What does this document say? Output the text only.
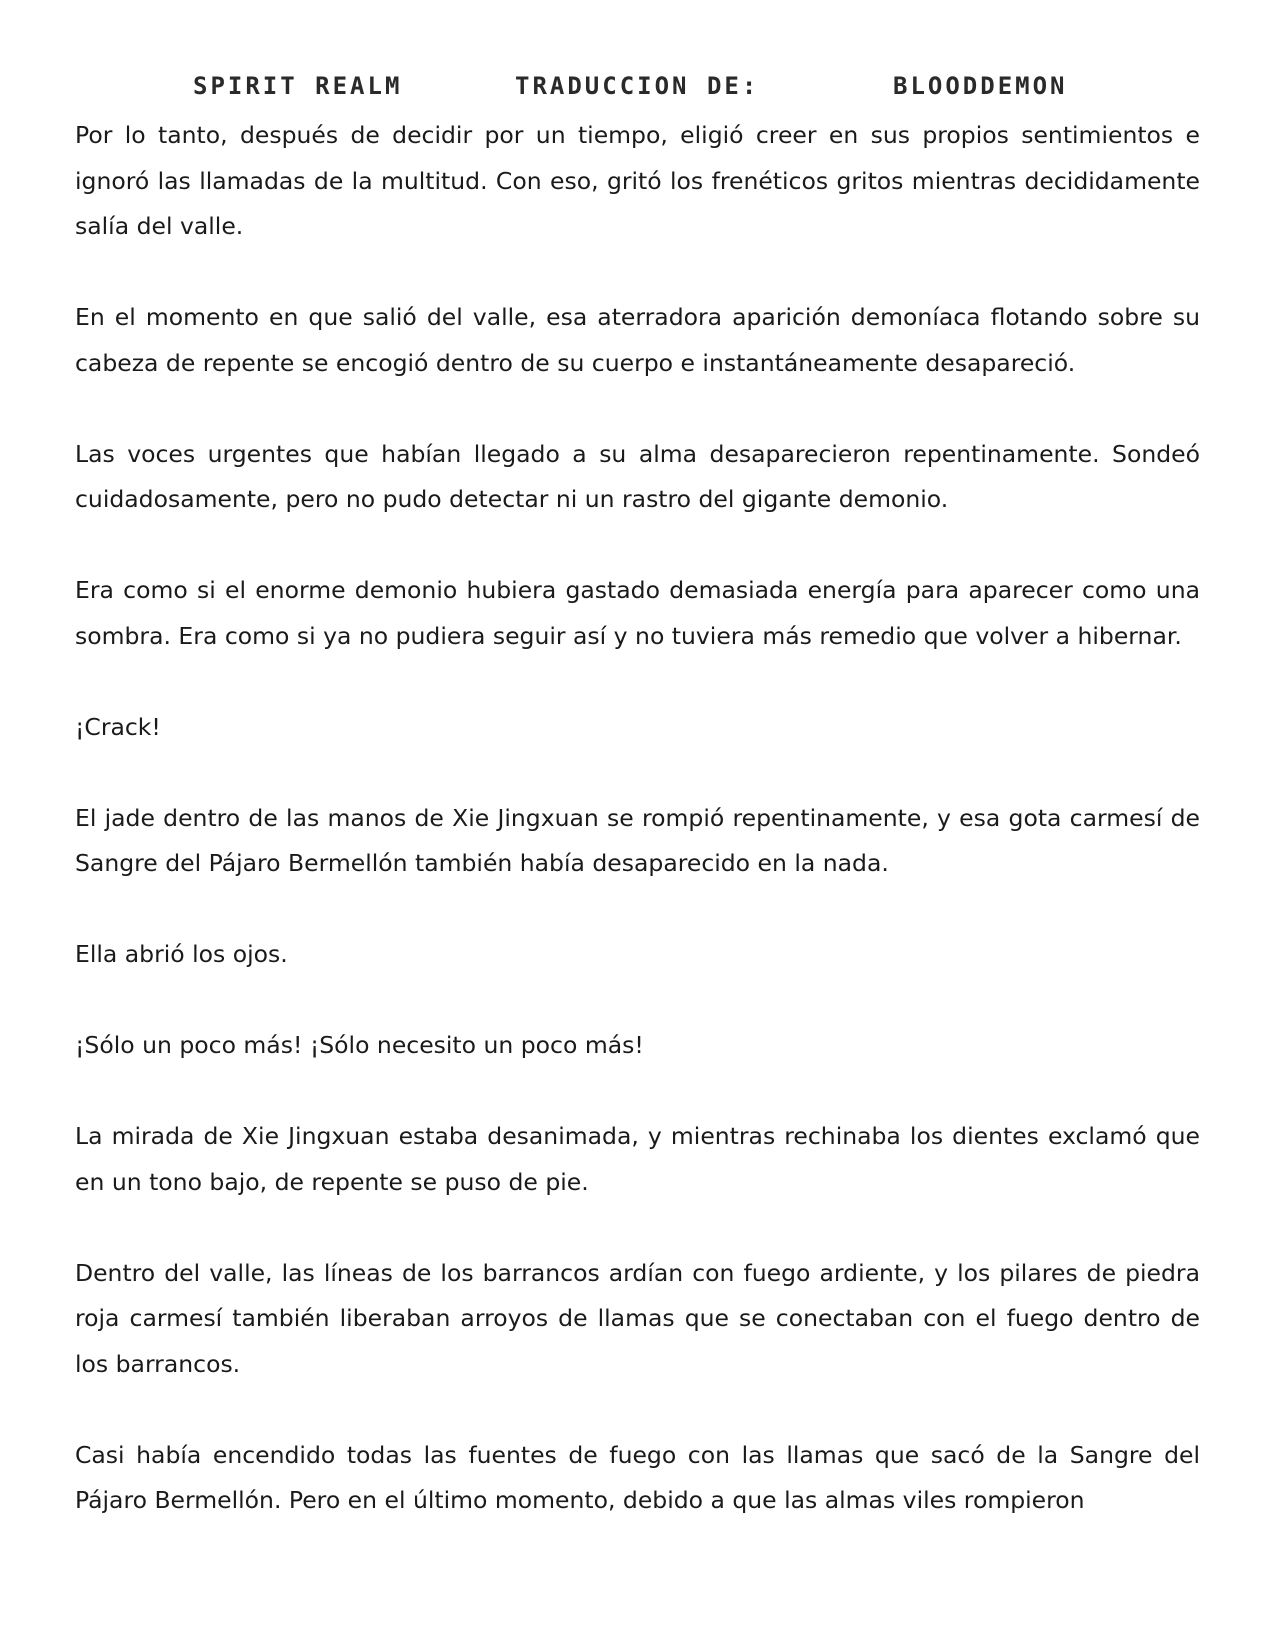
SPIRIT REALM	TRADUCCION DE:	BLOODDEMON

Por lo tanto, después de decidir por un tiempo, eligió creer en sus propios sentimientos e ignoró las llamadas de la multitud. Con eso, gritó los frenéticos gritos mientras decididamente salía del valle.

En el momento en que salió del valle, esa aterradora aparición demoníaca flotando sobre su cabeza de repente se encogió dentro de su cuerpo e instantáneamente desapareció.

Las voces urgentes que habían llegado a su alma desaparecieron repentinamente. Sondeó cuidadosamente, pero no pudo detectar ni un rastro del gigante demonio.

Era como si el enorme demonio hubiera gastado demasiada energía para aparecer como una sombra. Era como si ya no pudiera seguir así y no tuviera más remedio que volver a hibernar.

¡Crack!

El jade dentro de las manos de Xie Jingxuan se rompió repentinamente, y esa gota carmesí de Sangre del Pájaro Bermellón también había desaparecido en la nada.

Ella abrió los ojos.

¡Sólo un poco más! ¡Sólo necesito un poco más!

La mirada de Xie Jingxuan estaba desanimada, y mientras rechinaba los dientes exclamó que en un tono bajo, de repente se puso de pie.

Dentro del valle, las líneas de los barrancos ardían con fuego ardiente, y los pilares de piedra roja carmesí también liberaban arroyos de llamas que se conectaban con el fuego dentro de los barrancos.

Casi había encendido todas las fuentes de fuego con las llamas que sacó de la Sangre del Pájaro Bermellón. Pero en el último momento, debido a que las almas viles rompieron
